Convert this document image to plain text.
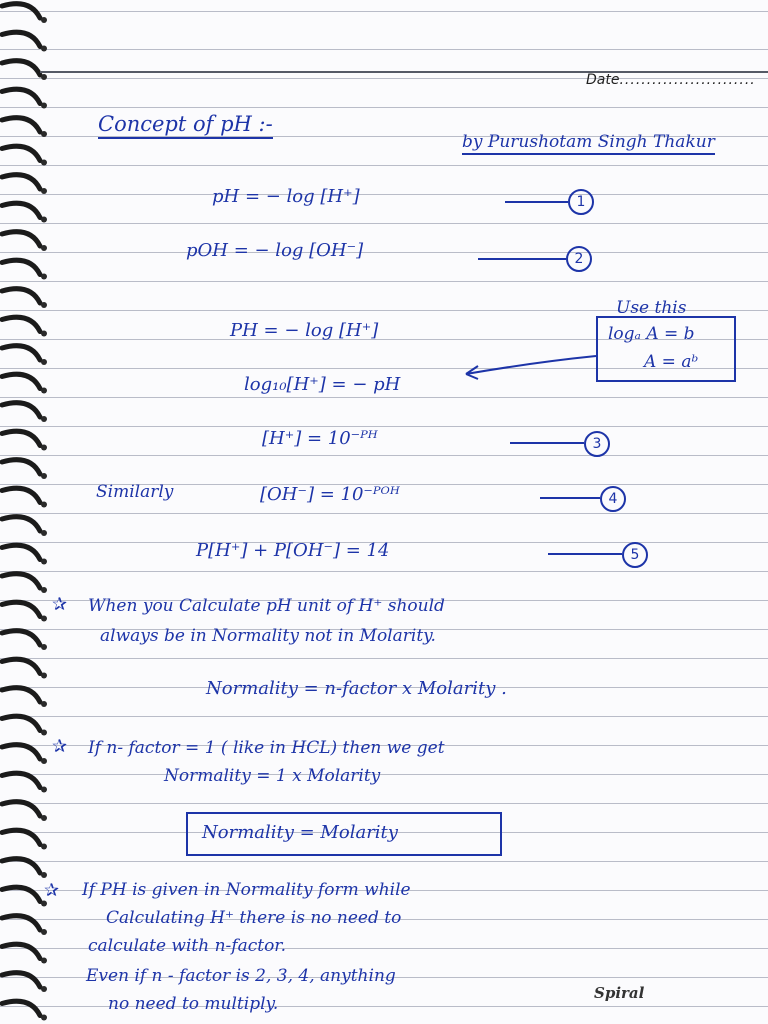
Date.........................
Concept of pH :-
by Purushotam Singh Thakur
pH = − log [H⁺]	1
pOH = − log [OH⁻]	2
Use this
logₐ A = b
A = aᵇ
PH = − log [H⁺]
log₁₀[H⁺] = − pH
[H⁺] = 10⁻ᴾᴴ	3
Similarly	[OH⁻] = 10⁻ᴾᴼᴴ	4
P[H⁺] + P[OH⁻] = 14	5
✰ When you Calculate pH unit of H⁺ should
always be in Normality not in Molarity.
Normality = n-factor x Molarity .
✰ If n- factor = 1 ( like in HCL) then we get
Normality = 1 x Molarity
Normality = Molarity
✰ If PH is given in Normality form while
Calculating H⁺ there is no need to
calculate with n-factor.
Even if n - factor is 2, 3, 4, anything
no need to multiply.
Spiral
